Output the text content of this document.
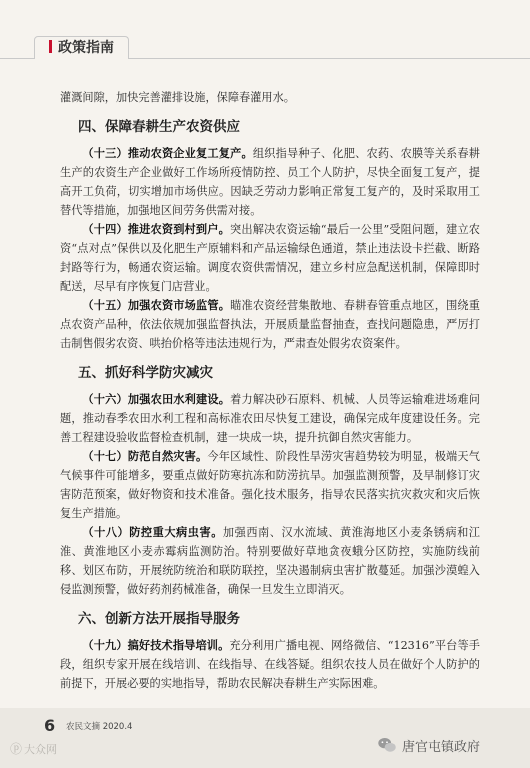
政策指南

灌溉间隙，加快完善灌排设施，保障春灌用水。

四、保障春耕生产农资供应

（十三）推动农资企业复工复产。组织指导种子、化肥、农药、农膜等关系春耕生产的农资生产企业做好工作场所疫情防控、员工个人防护，尽快全面复工复产，提高开工负荷，切实增加市场供应。因缺乏劳动力影响正常复工复产的，及时采取用工替代等措施，加强地区间劳务供需对接。

（十四）推进农资到村到户。突出解决农资运输“最后一公里”受阻问题，建立农资“点对点”保供以及化肥生产原辅料和产品运输绿色通道，禁止违法设卡拦截、断路封路等行为，畅通农资运输。调度农资供需情况，建立乡村应急配送机制，保障即时配送，尽早有序恢复门店营业。

（十五）加强农资市场监管。瞄准农资经营集散地、春耕春管重点地区，围绕重点农资产品种，依法依规加强监督执法，开展质量监督抽查，查找问题隐患，严厉打击制售假劣农资、哄抬价格等违法违规行为，严肃查处假劣农资案件。

五、抓好科学防灾减灾

（十六）加强农田水利建设。着力解决砂石原料、机械、人员等运输难进场难问题，推动春季农田水利工程和高标准农田尽快复工建设，确保完成年度建设任务。完善工程建设验收监督检查机制，建一块成一块，提升抗御自然灾害能力。

（十七）防范自然灾害。今年区域性、阶段性旱涝灾害趋势较为明显，极端天气气候事件可能增多，要重点做好防寒抗冻和防涝抗旱。加强监测预警，及早制修订灾害防范预案，做好物资和技术准备。强化技术服务，指导农民落实抗灾救灾和灾后恢复生产措施。

（十八）防控重大病虫害。加强西南、汉水流域、黄淮海地区小麦条锈病和江淮、黄淮地区小麦赤霉病监测防治。特别要做好草地贪夜蛾分区防控，实施防线前移、划区布防，开展统防统治和联防联控，坚决遏制病虫害扩散蔓延。加强沙漠蝗入侵监测预警，做好药剂药械准备，确保一旦发生立即消灭。

六、创新方法开展指导服务

（十九）搞好技术指导培训。充分利用广播电视、网络微信、“12316”平台等手段，组织专家开展在线培训、在线指导、在线答疑。组织农技人员在做好个人防护的前提下，开展必要的实地指导，帮助农民解决春耕生产实际困难。

6 农民文摘 2020.4
ⓟ 大众网	唐官屯镇政府
